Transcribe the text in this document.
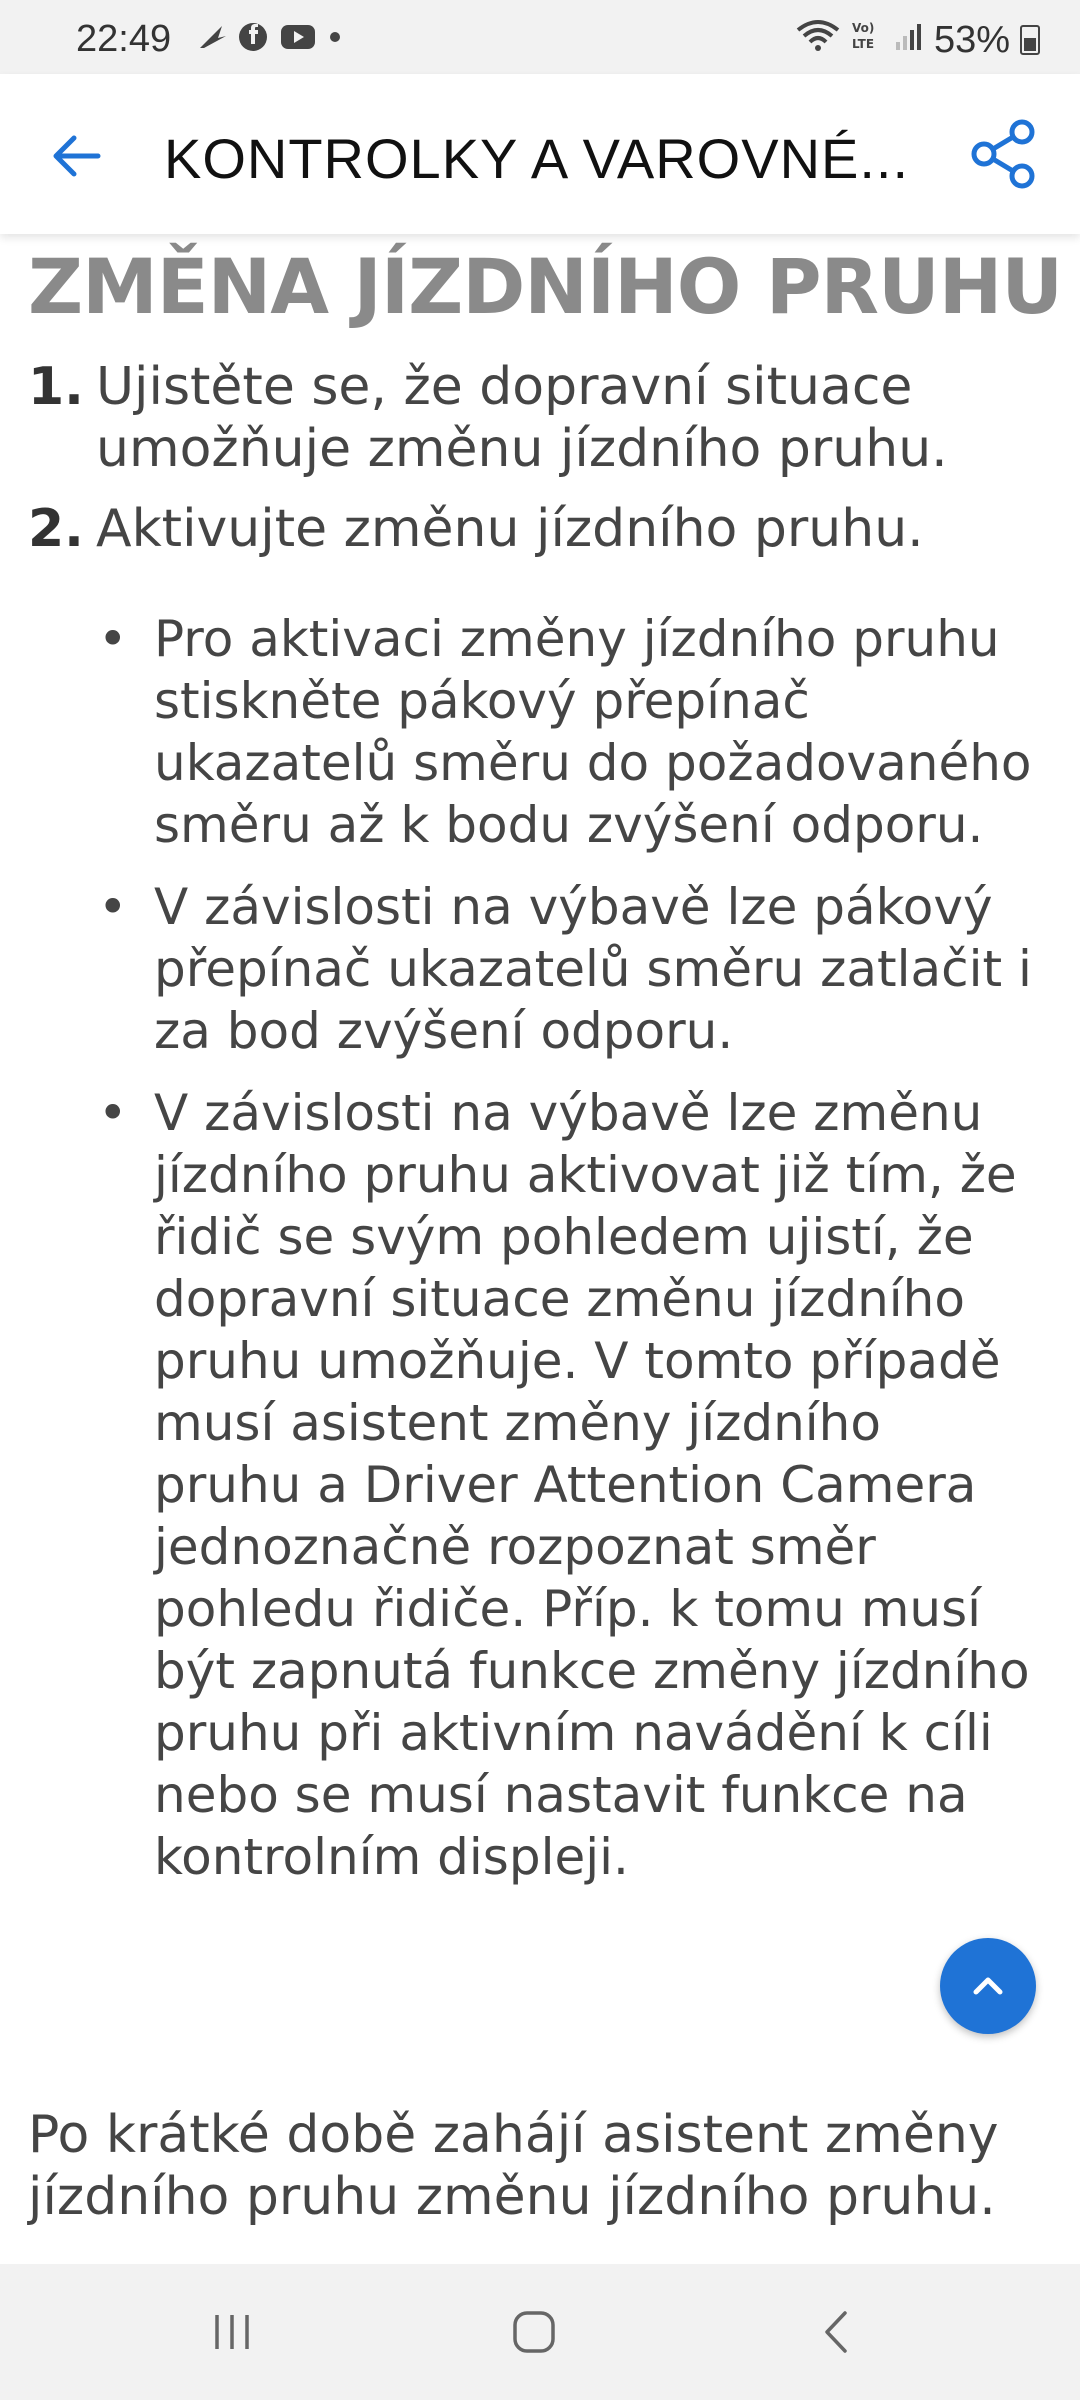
22:49	Vo)
LTE 53%
KONTROLKY A VAROVNÉ...
ZMĚNA JÍZDNÍHO PRUHU
1. Ujistěte se, že dopravní situace umožňuje změnu jízdního pruhu.
2. Aktivujte změnu jízdního pruhu.
• Pro aktivaci změny jízdního pruhu stiskněte pákový přepínač ukazatelů směru do požadovaného směru až k bodu zvýšení odporu.
• V závislosti na výbavě lze pákový přepínač ukazatelů směru zatlačit i za bod zvýšení odporu.
• V závislosti na výbavě lze změnu jízdního pruhu aktivovat již tím, že řidič se svým pohledem ujistí, že dopravní situace změnu jízdního pruhu umožňuje. V tomto případě musí asistent změny jízdního pruhu a Driver Attention Camera jednoznačně rozpoznat směr pohledu řidiče. Příp. k tomu musí být zapnutá funkce změny jízdního pruhu při aktivním navádění k cíli nebo se musí nastavit funkce na kontrolním displeji.
Po krátké době zahájí asistent změny jízdního pruhu změnu jízdního pruhu.
